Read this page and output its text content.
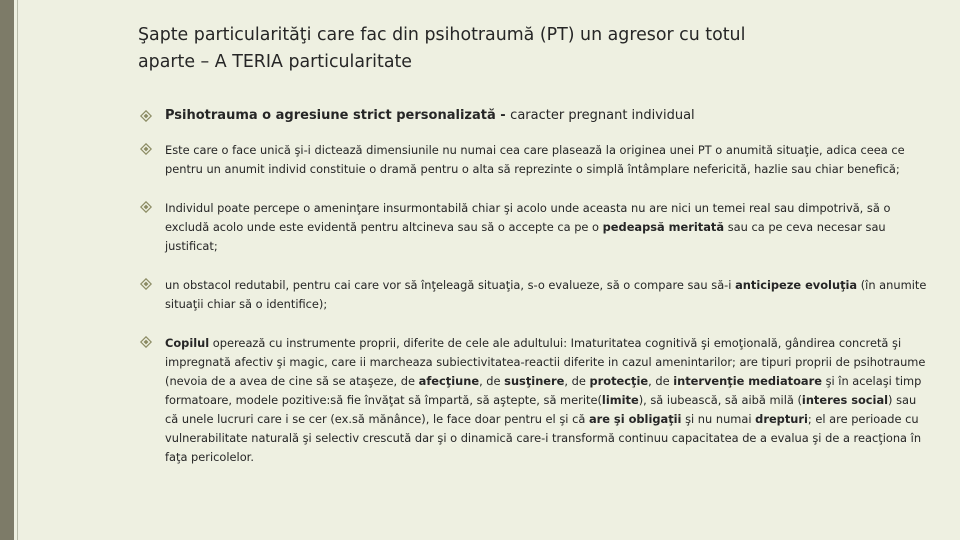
Şapte particularităţi care fac din psihotraumă (PT) un agresor cu totul
aparte – A TERIA particularitate
Psihotrauma o agresiune strict personalizată - caracter pregnant individual
Este care o face unică şi-i dictează dimensiunile nu numai cea care plasează la originea unei PT o anumită situaţie, adica ceea ce pentru un anumit individ constituie o dramă pentru o alta să reprezinte o simplă întâmplare nefericită, hazlie sau chiar benefică;
Individul poate percepe o ameninţare insurmontabilă chiar şi acolo unde aceasta nu are nici un temei real sau dimpotrivă, să o excludă acolo unde este evidentă pentru altcineva sau să o accepte ca pe o pedeapsă meritată sau ca pe ceva necesar sau justificat;
un obstacol redutabil, pentru cai care vor să înţeleagă situaţia, s-o evalueze, să o compare sau să-i anticipeze evoluţia (în anumite situaţii chiar să o identifice);
Copilul operează cu instrumente proprii, diferite de cele ale adultului: Imaturitatea cognitivă şi emoţională, gândirea concretă şi impregnată afectiv şi magic, care ii marcheaza subiectivitatea-reactii diferite in cazul amenintarilor; are tipuri proprii de psihotraume (nevoia de a avea de cine să se ataşeze, de afecţiune, de susţinere, de protecţie, de intervenţie mediatoare şi în acelaşi timp formatoare, modele pozitive:să fie învăţat să împartă, să aştepte, să merite(limite), să iubească, să aibă milă (interes social) sau că unele lucruri care i se cer (ex.să mănânce), le face doar pentru el şi că are şi obligaţii şi nu numai drepturi; el are perioade cu vulnerabilitate naturală şi selectiv crescută dar şi o dinamică care-i transformă continuu capacitatea de a evalua şi de a reacţiona în faţa pericolelor.
